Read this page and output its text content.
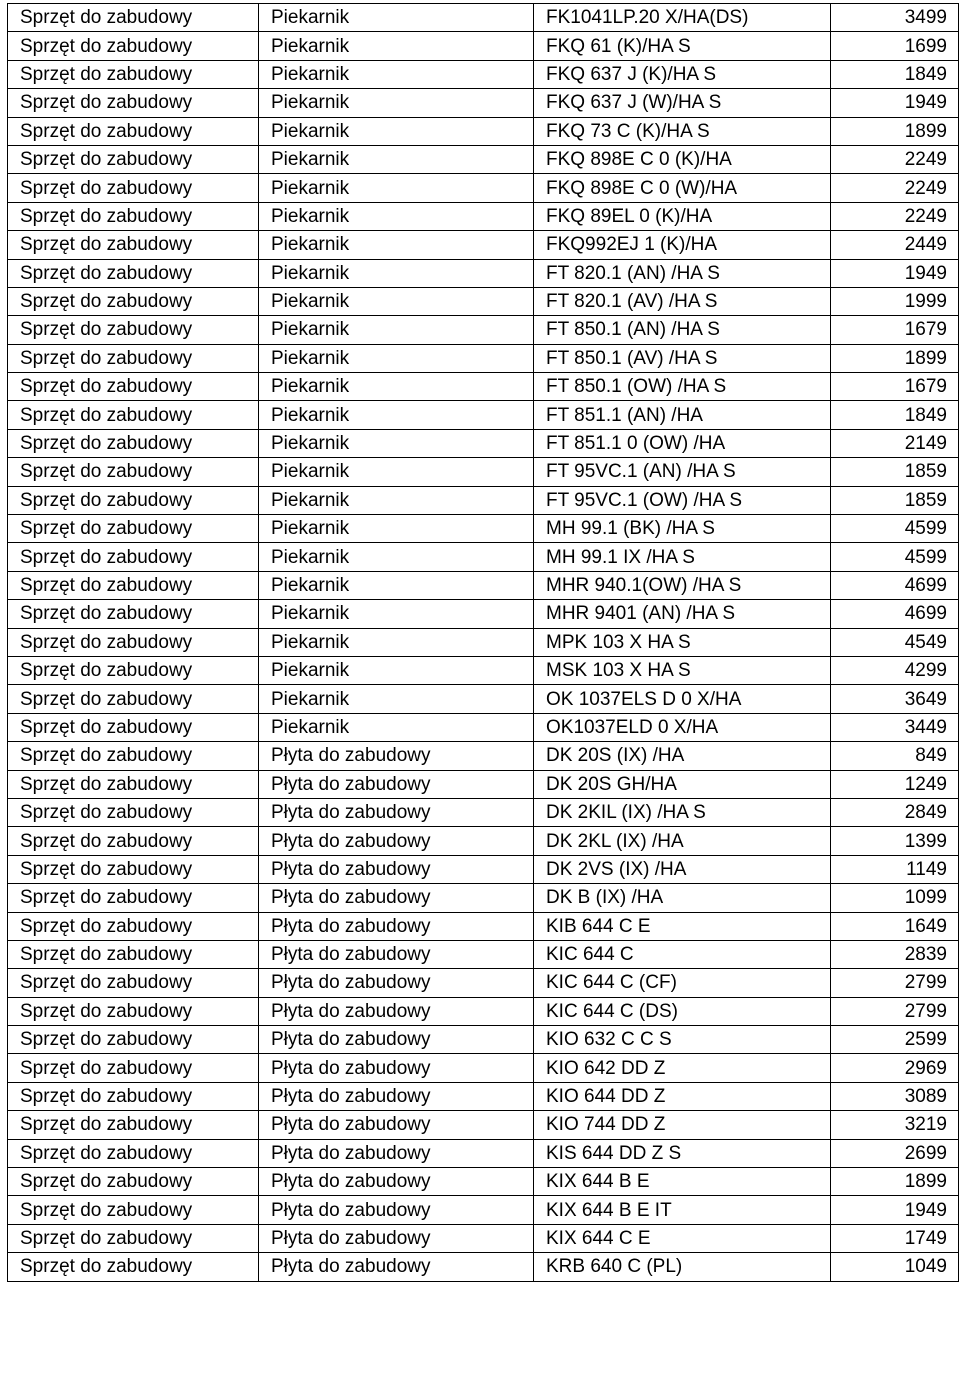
Sprzęt do zabudowy	Piekarnik	FK1041LP.20 X/HA(DS)	3499
Sprzęt do zabudowy	Piekarnik	FKQ 61 (K)/HA S	1699
Sprzęt do zabudowy	Piekarnik	FKQ 637 J (K)/HA S	1849
Sprzęt do zabudowy	Piekarnik	FKQ 637 J (W)/HA S	1949
Sprzęt do zabudowy	Piekarnik	FKQ 73 C (K)/HA S	1899
Sprzęt do zabudowy	Piekarnik	FKQ 898E C 0 (K)/HA	2249
Sprzęt do zabudowy	Piekarnik	FKQ 898E C 0 (W)/HA	2249
Sprzęt do zabudowy	Piekarnik	FKQ 89EL 0 (K)/HA	2249
Sprzęt do zabudowy	Piekarnik	FKQ992EJ 1 (K)/HA	2449
Sprzęt do zabudowy	Piekarnik	FT 820.1 (AN) /HA S	1949
Sprzęt do zabudowy	Piekarnik	FT 820.1 (AV) /HA S	1999
Sprzęt do zabudowy	Piekarnik	FT 850.1 (AN) /HA S	1679
Sprzęt do zabudowy	Piekarnik	FT 850.1 (AV) /HA S	1899
Sprzęt do zabudowy	Piekarnik	FT 850.1 (OW) /HA S	1679
Sprzęt do zabudowy	Piekarnik	FT 851.1 (AN) /HA	1849
Sprzęt do zabudowy	Piekarnik	FT 851.1 0 (OW) /HA	2149
Sprzęt do zabudowy	Piekarnik	FT 95VC.1 (AN) /HA S	1859
Sprzęt do zabudowy	Piekarnik	FT 95VC.1 (OW) /HA S	1859
Sprzęt do zabudowy	Piekarnik	MH 99.1 (BK) /HA S	4599
Sprzęt do zabudowy	Piekarnik	MH 99.1 IX /HA S	4599
Sprzęt do zabudowy	Piekarnik	MHR 940.1(OW) /HA S	4699
Sprzęt do zabudowy	Piekarnik	MHR 9401 (AN) /HA S	4699
Sprzęt do zabudowy	Piekarnik	MPK 103 X HA S	4549
Sprzęt do zabudowy	Piekarnik	MSK 103 X HA S	4299
Sprzęt do zabudowy	Piekarnik	OK 1037ELS D 0 X/HA	3649
Sprzęt do zabudowy	Piekarnik	OK1037ELD 0 X/HA	3449
Sprzęt do zabudowy	Płyta do zabudowy	DK 20S (IX) /HA	849
Sprzęt do zabudowy	Płyta do zabudowy	DK 20S GH/HA	1249
Sprzęt do zabudowy	Płyta do zabudowy	DK 2KIL (IX) /HA S	2849
Sprzęt do zabudowy	Płyta do zabudowy	DK 2KL (IX) /HA	1399
Sprzęt do zabudowy	Płyta do zabudowy	DK 2VS (IX) /HA	1149
Sprzęt do zabudowy	Płyta do zabudowy	DK B (IX) /HA	1099
Sprzęt do zabudowy	Płyta do zabudowy	KIB 644 C E	1649
Sprzęt do zabudowy	Płyta do zabudowy	KIC 644 C	2839
Sprzęt do zabudowy	Płyta do zabudowy	KIC 644 C (CF)	2799
Sprzęt do zabudowy	Płyta do zabudowy	KIC 644 C (DS)	2799
Sprzęt do zabudowy	Płyta do zabudowy	KIO 632 C C S	2599
Sprzęt do zabudowy	Płyta do zabudowy	KIO 642 DD Z	2969
Sprzęt do zabudowy	Płyta do zabudowy	KIO 644 DD Z	3089
Sprzęt do zabudowy	Płyta do zabudowy	KIO 744 DD Z	3219
Sprzęt do zabudowy	Płyta do zabudowy	KIS 644 DD Z S	2699
Sprzęt do zabudowy	Płyta do zabudowy	KIX 644 B E	1899
Sprzęt do zabudowy	Płyta do zabudowy	KIX 644 B E IT	1949
Sprzęt do zabudowy	Płyta do zabudowy	KIX 644 C E	1749
Sprzęt do zabudowy	Płyta do zabudowy	KRB 640 C (PL)	1049
